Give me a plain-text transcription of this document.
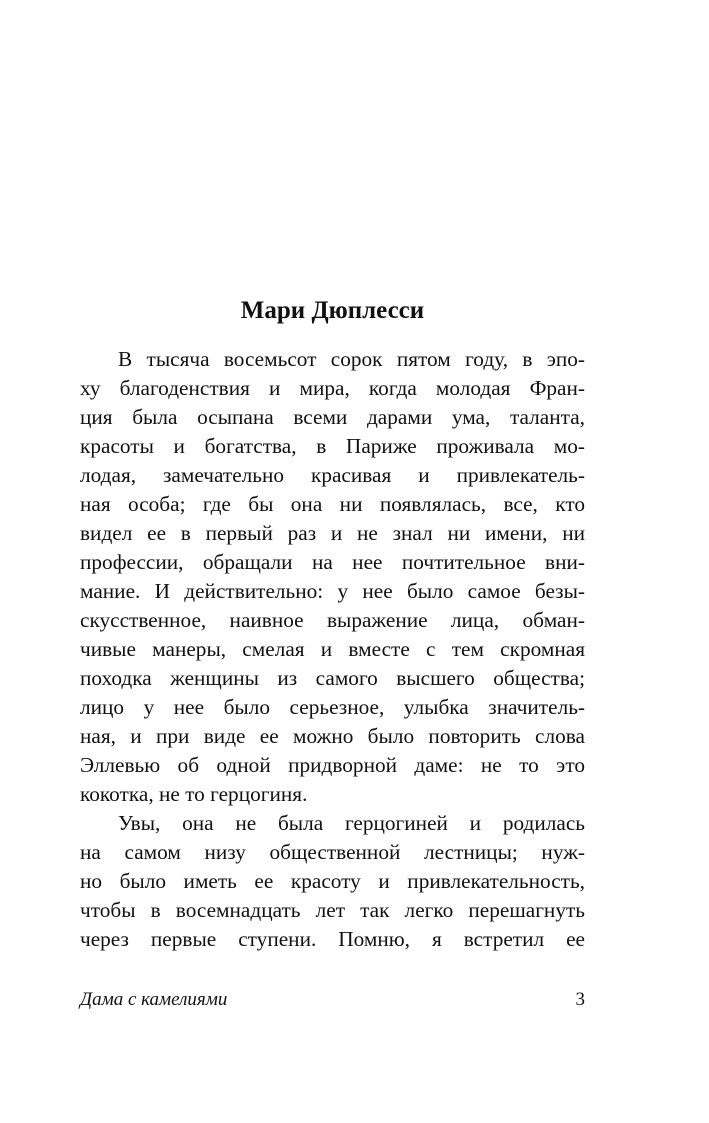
Мари Дюплесси
В тысяча восемьсот сорок пятом году, в эпо-
ху благоденствия и мира, когда молодая Фран-
ция была осыпана всеми дарами ума, таланта,
красоты и богатства, в Париже проживала мо-
лодая, замечательно красивая и привлекатель-
ная особа; где бы она ни появлялась, все, кто
видел ее в первый раз и не знал ни имени, ни
профессии, обращали на нее почтительное вни-
мание. И действительно: у нее было самое безы-
скусственное, наивное выражение лица, обман-
чивые манеры, смелая и вместе с тем скромная
походка женщины из самого высшего общества;
лицо у нее было серьезное, улыбка значитель-
ная, и при виде ее можно было повторить слова
Эллевью об одной придворной даме: не то это
кокотка, не то герцогиня.
Увы, она не была герцогиней и родилась
на самом низу общественной лестницы; нуж-
но было иметь ее красоту и привлекательность,
чтобы в восемнадцать лет так легко перешагнуть
через первые ступени. Помню, я встретил ее
Дама с камелиями	3
